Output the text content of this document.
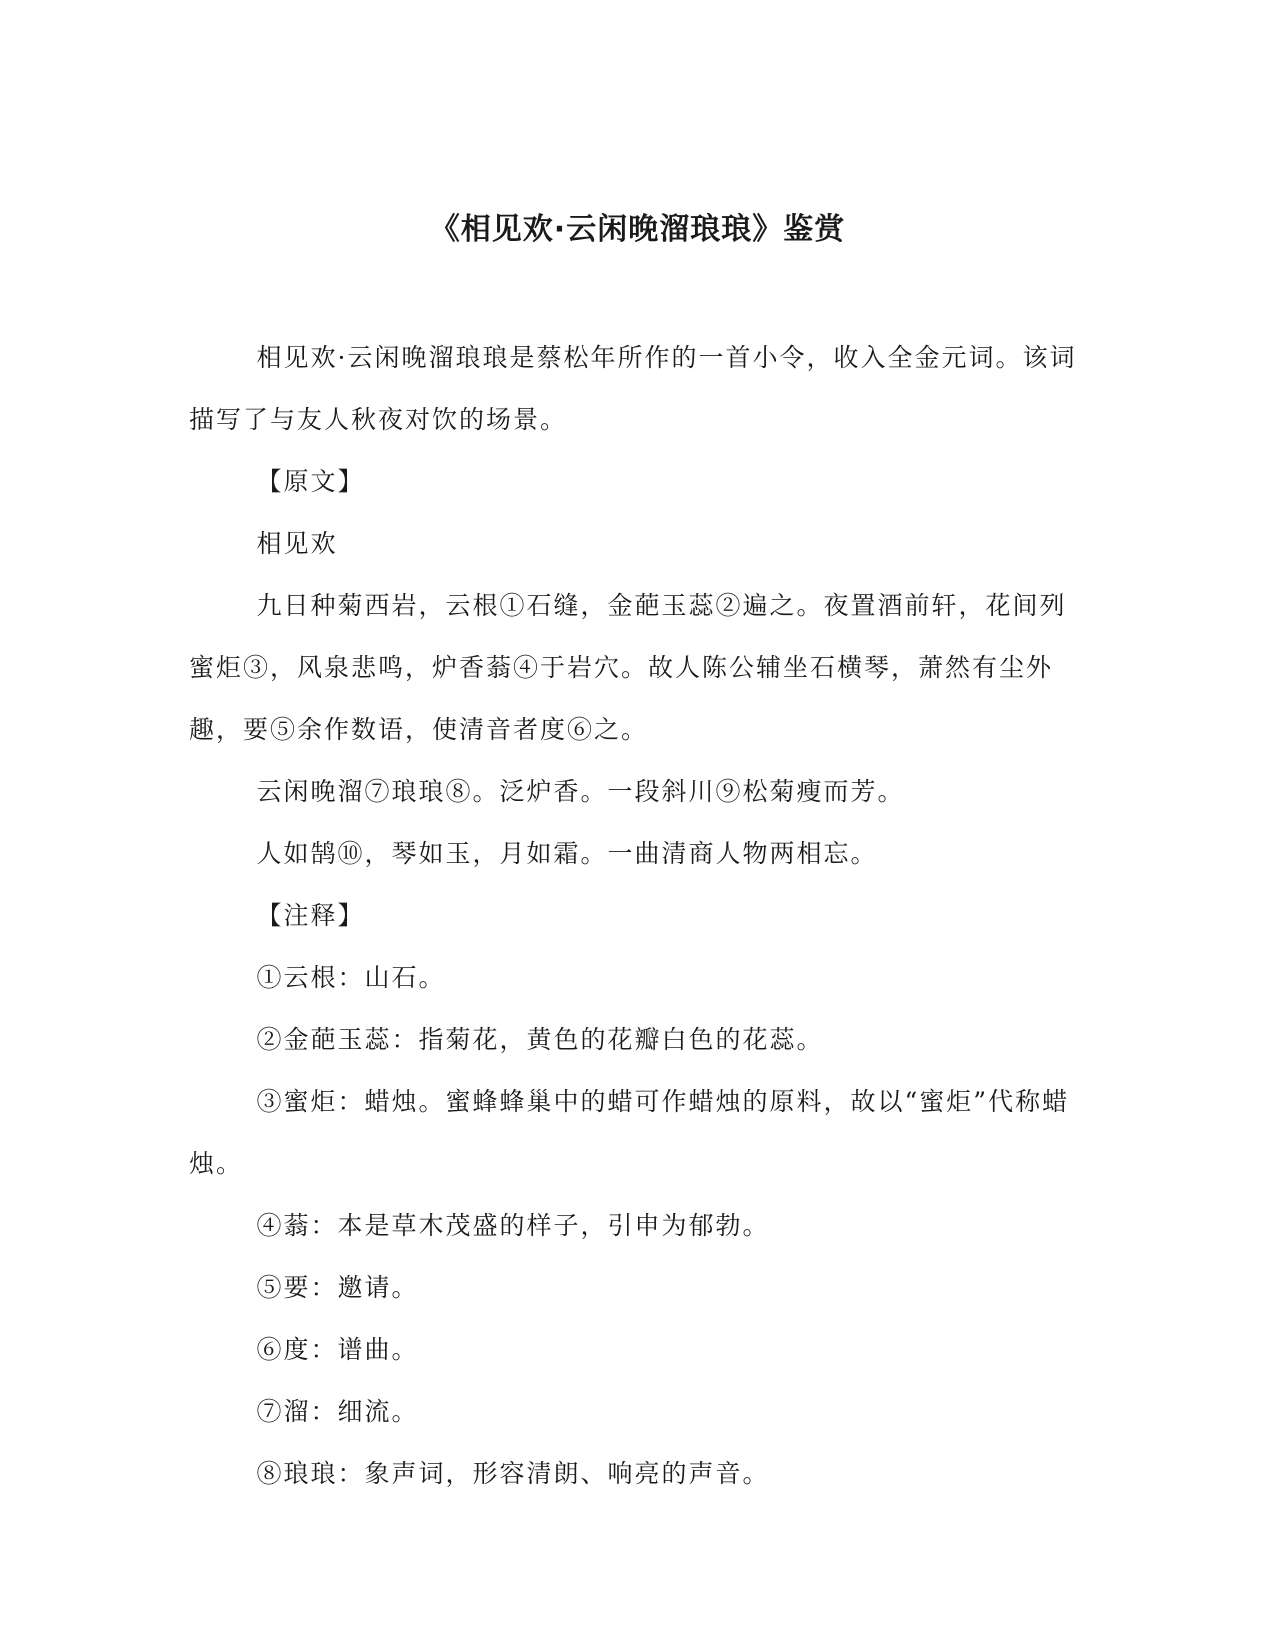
《相见欢·云闲晚溜琅琅》鉴赏

相见欢·云闲晚溜琅琅是蔡松年所作的一首小令，收入全金元词。该词描写了与友人秋夜对饮的场景。

【原文】

相见欢

九日种菊西岩，云根①石缝，金葩玉蕊②遍之。夜置酒前轩，花间列蜜炬③，风泉悲鸣，炉香蓊④于岩穴。故人陈公辅坐石横琴，萧然有尘外趣，要⑤余作数语，使清音者度⑥之。

云闲晚溜⑦琅琅⑧。泛炉香。一段斜川⑨松菊瘦而芳。

人如鹄⑩，琴如玉，月如霜。一曲清商人物两相忘。

【注释】

①云根：山石。

②金葩玉蕊：指菊花，黄色的花瓣白色的花蕊。

③蜜炬：蜡烛。蜜蜂蜂巢中的蜡可作蜡烛的原料，故以“蜜炬”代称蜡烛。

④蓊：本是草木茂盛的样子，引申为郁勃。

⑤要：邀请。

⑥度：谱曲。

⑦溜：细流。

⑧琅琅：象声词，形容清朗、响亮的声音。
